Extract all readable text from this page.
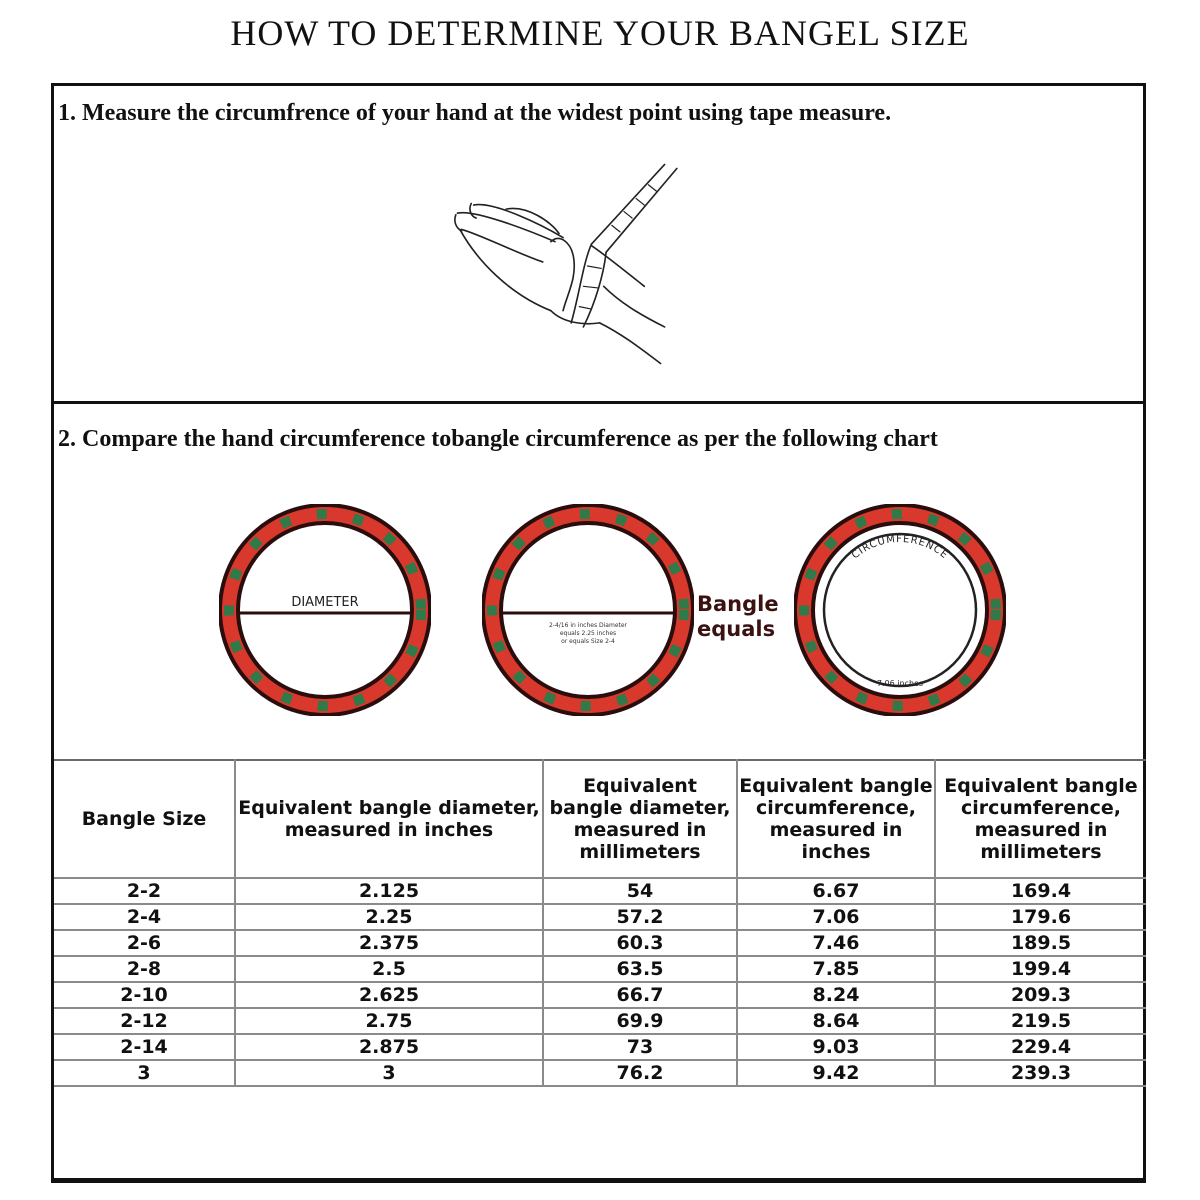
HOW TO DETERMINE YOUR BANGEL SIZE
1. Measure the circumfrence of your hand at the widest point using tape measure.
2. Compare the hand circumference tobangle circumference as per the following chart
DIAMETER
2-4/16 in inches Diameter
equals 2.25 inches
or equals Size 2-4
Bangle
equals
CIRCUMFERENCE
7.06 inches
Bangle Size	Equivalent bangle diameter, measured in inches	Equivalent bangle diameter, measured in millimeters	Equivalent bangle circumference, measured in inches	Equivalent bangle circumference, measured in millimeters
2-2	2.125	54	6.67	169.4
2-4	2.25	57.2	7.06	179.6
2-6	2.375	60.3	7.46	189.5
2-8	2.5	63.5	7.85	199.4
2-10	2.625	66.7	8.24	209.3
2-12	2.75	69.9	8.64	219.5
2-14	2.875	73	9.03	229.4
3	3	76.2	9.42	239.3
